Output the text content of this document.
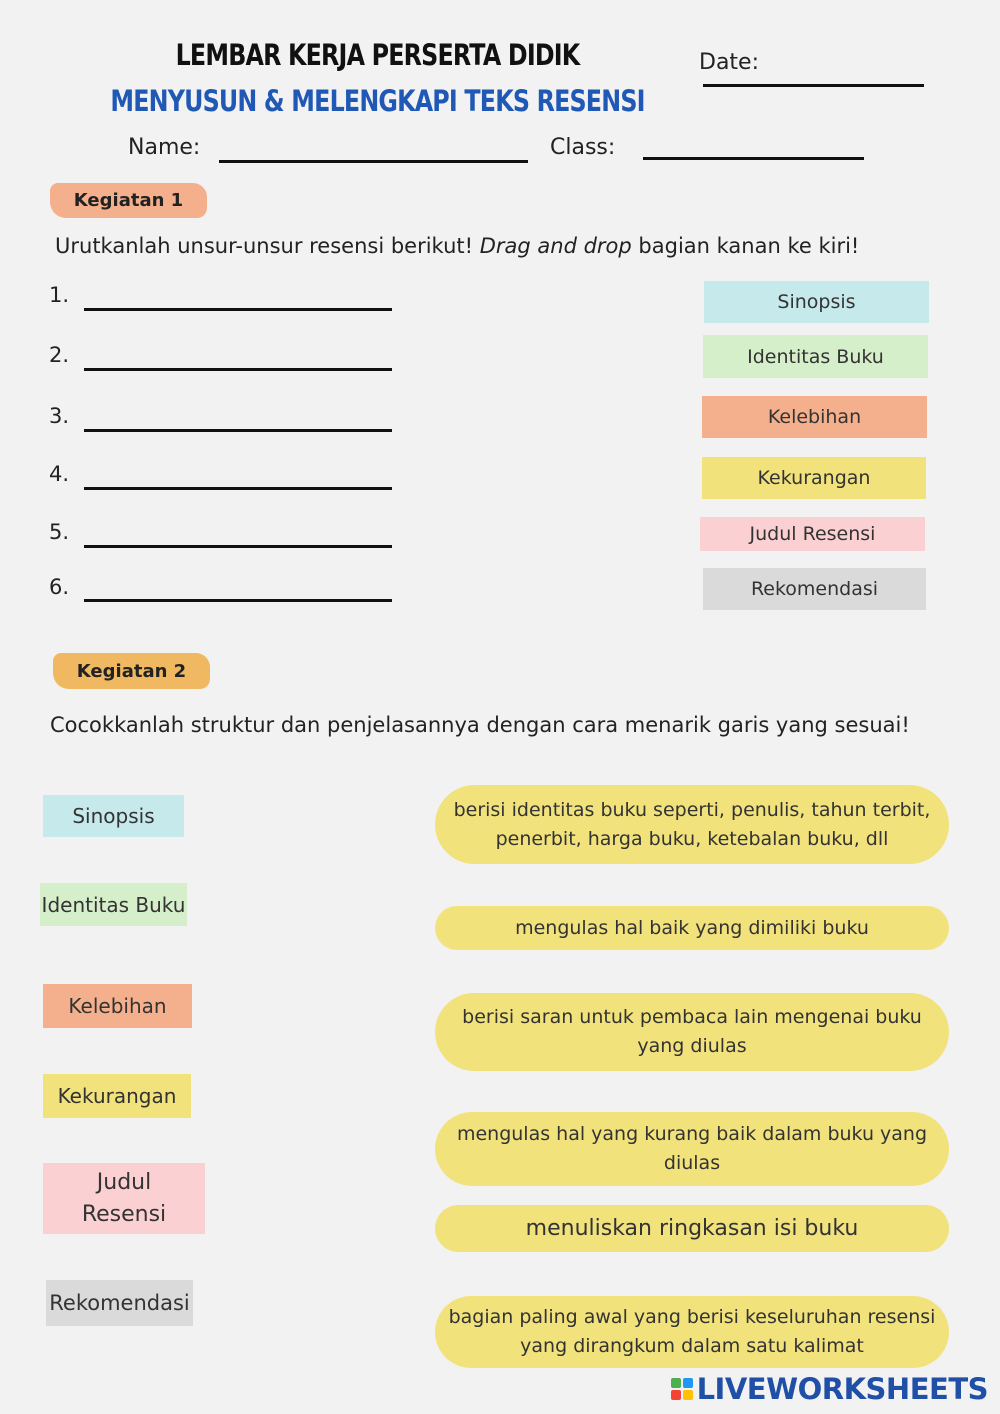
LEMBAR KERJA PERSERTA DIDIK
MENYUSUN & MELENGKAPI TEKS RESENSI
Date:
Name:	Class:
Kegiatan 1
Urutkanlah unsur-unsur resensi berikut! Drag and drop bagian kanan ke kiri!
1.
2.
3.
4.
5.
6.
Sinopsis
Identitas Buku
Kelebihan
Kekurangan
Judul Resensi
Rekomendasi
Kegiatan 2
Cocokkanlah struktur dan penjelasannya dengan cara menarik garis yang sesuai!
Sinopsis
Identitas Buku
Kelebihan
Kekurangan
Judul
Resensi
Rekomendasi
berisi identitas buku seperti, penulis, tahun terbit, penerbit, harga buku, ketebalan buku, dll
mengulas hal baik yang dimiliki buku
berisi saran untuk pembaca lain mengenai buku yang diulas
mengulas hal yang kurang baik dalam buku yang diulas
menuliskan ringkasan isi buku
bagian paling awal yang berisi keseluruhan resensi yang dirangkum dalam satu kalimat
LIVEWORKSHEETS
